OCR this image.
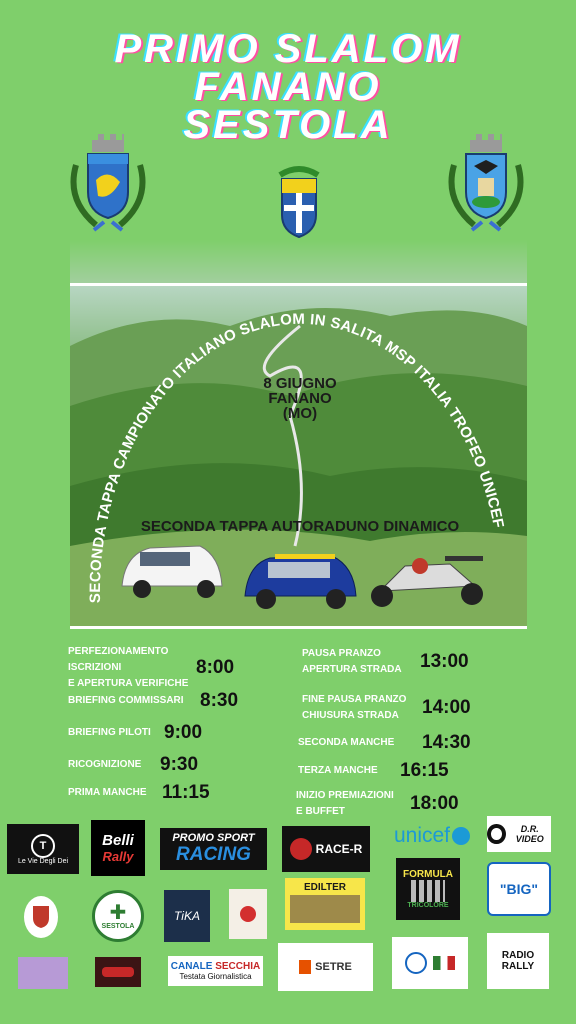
PRIMO SLALOM
FANANO
SESTOLA
SECONDA TAPPA CAMPIONATO ITALIANO SLALOM IN SALITA MSP ITALIA TROFEO UNICEF
8 GIUGNO
FANANO
(MO)
SECONDA TAPPA AUTORADUNO DINAMICO
PERFEZIONAMENTO ISCRIZIONI
E APERTURA VERIFICHE
8:00
BRIEFING COMMISSARI 8:30
BRIEFING PILOTI 9:00
RICOGNIZIONE 9:30
PRIMA MANCHE 11:15
PAUSA PRANZO
APERTURA STRADA 13:00
FINE PAUSA PRANZO
CHIUSURA STRADA	14:00
SECONDA MANCHE 14:30
TERZA MANCHE 16:15
INIZIO PREMIAZIONI
E BUFFET	18:00
T
Le Vie Degli Dei
Belli
Rally
PROMO SPORT
RACING	RACE-R
unicef	D.R. VIDEO
✚
SESTOLA
TiKA
EDILTER
FORMULA
TRICOLORE
"BIG"
CANALE SECCHIA
Testata Giornalistica
SETRE
RADIO
RALLY
